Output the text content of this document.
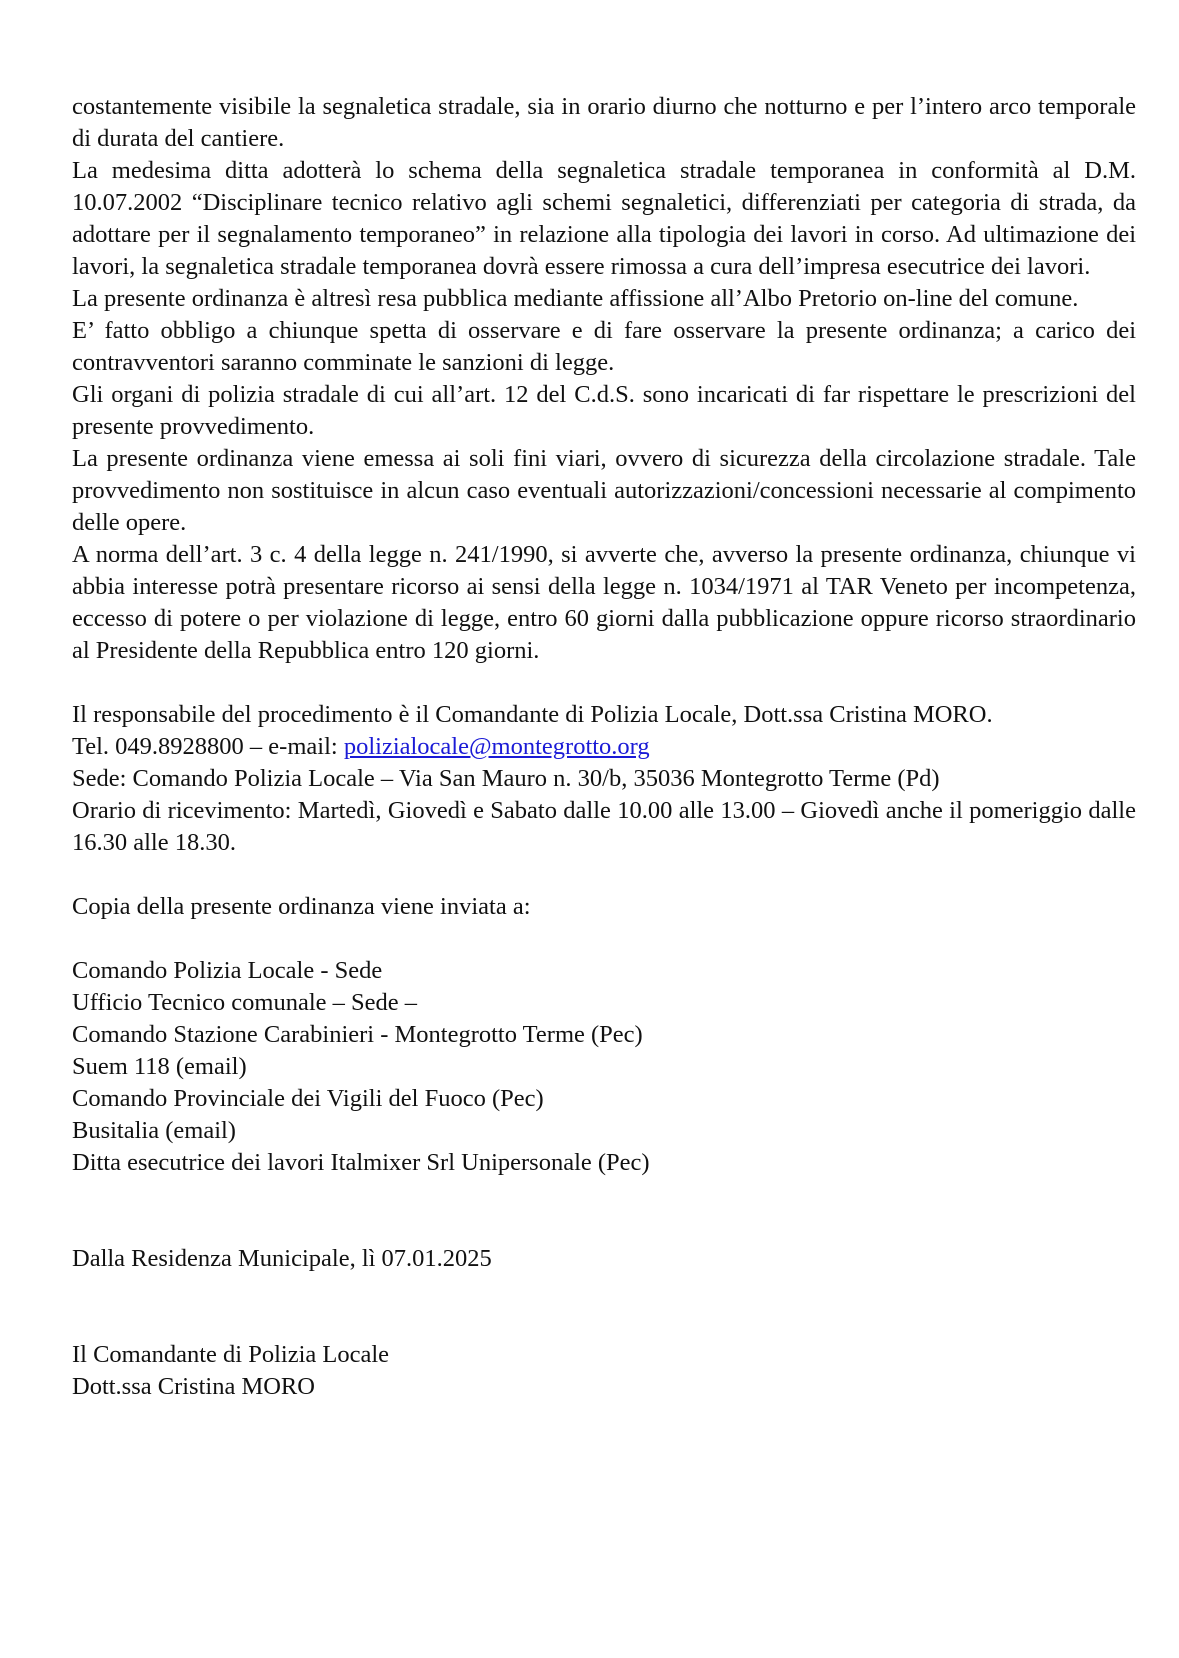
costantemente visibile la segnaletica stradale, sia in orario diurno che notturno e per l’intero arco temporale di durata del cantiere.

La medesima ditta adotterà lo schema della segnaletica stradale temporanea in conformità al D.M. 10.07.2002 “Disciplinare tecnico relativo agli schemi segnaletici, differenziati per categoria di strada, da adottare per il segnalamento temporaneo” in relazione alla tipologia dei lavori in corso. Ad ultimazione dei lavori, la segnaletica stradale temporanea dovrà essere rimossa a cura dell’impresa esecutrice dei lavori.

La presente ordinanza è altresì resa pubblica mediante affissione all’Albo Pretorio on-line del comune.

E’ fatto obbligo a chiunque spetta di osservare e di fare osservare la presente ordinanza; a carico dei contravventori saranno comminate le sanzioni di legge.

Gli organi di polizia stradale di cui all’art. 12 del C.d.S. sono incaricati di far rispettare le prescrizioni del presente provvedimento.

La presente ordinanza viene emessa ai soli fini viari, ovvero di sicurezza della circolazione stradale. Tale provvedimento non sostituisce in alcun caso eventuali autorizzazioni/concessioni necessarie al compimento delle opere.

A norma dell’art. 3 c. 4 della legge n. 241/1990, si avverte che, avverso la presente ordinanza, chiunque vi abbia interesse potrà presentare ricorso ai sensi della legge n. 1034/1971 al TAR Veneto per incompetenza, eccesso di potere o per violazione di legge, entro 60 giorni dalla pubblicazione oppure ricorso straordinario al Presidente della Repubblica entro 120 giorni.

Il responsabile del procedimento è il Comandante di Polizia Locale, Dott.ssa Cristina MORO.

Tel. 049.8928800 – e-mail: polizialocale@montegrotto.org

Sede: Comando Polizia Locale – Via San Mauro n. 30/b, 35036 Montegrotto Terme (Pd)

Orario di ricevimento: Martedì, Giovedì e Sabato dalle 10.00 alle 13.00 – Giovedì anche il pomeriggio dalle 16.30 alle 18.30.

Copia della presente ordinanza viene inviata a:

Comando Polizia Locale - Sede

Ufficio Tecnico comunale – Sede –

Comando Stazione Carabinieri - Montegrotto Terme (Pec)

Suem 118 (email)

Comando Provinciale dei Vigili del Fuoco (Pec)

Busitalia (email)

Ditta esecutrice dei lavori Italmixer Srl Unipersonale (Pec)

Dalla Residenza Municipale, lì 07.01.2025

Il Comandante di Polizia Locale

Dott.ssa Cristina MORO
